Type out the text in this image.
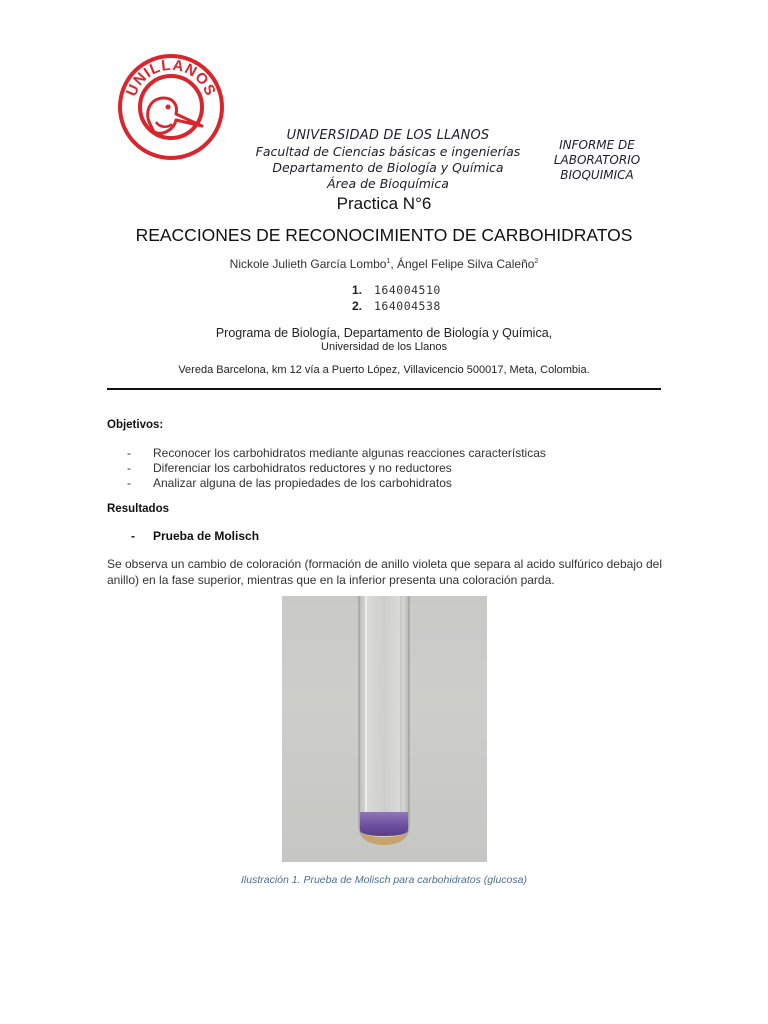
UNILLANOS
UNIVERSIDAD DE LOS LLANOS
Facultad de Ciencias básicas e ingenierías
Departamento de Biología y Química
Área de Bioquímica
INFORME DE
LABORATORIO
BIOQUIMICA
Practica N°6
REACCIONES DE RECONOCIMIENTO DE CARBOHIDRATOS
Nickole Julieth García Lombo$^1$, Ángel Felipe Silva Caleño$^2$
1. 164004510
2. 164004538
Programa de Biología, Departamento de Biología y Química,
Universidad de los Llanos
Vereda Barcelona, km 12 vía a Puerto López, Villavicencio 500017, Meta, Colombia.
Objetivos:
- Reconocer los carbohidratos mediante algunas reacciones características
- Diferenciar los carbohidratos reductores y no reductores
- Analizar alguna de las propiedades de los carbohidratos
Resultados
- Prueba de Molisch
Se observa un cambio de coloración (formación de anillo violeta que separa al acido sulfúrico debajo del anillo) en la fase superior, mientras que en la inferior presenta una coloración parda.
Ilustración 1. Prueba de Molisch para carbohidratos (glucosa)
